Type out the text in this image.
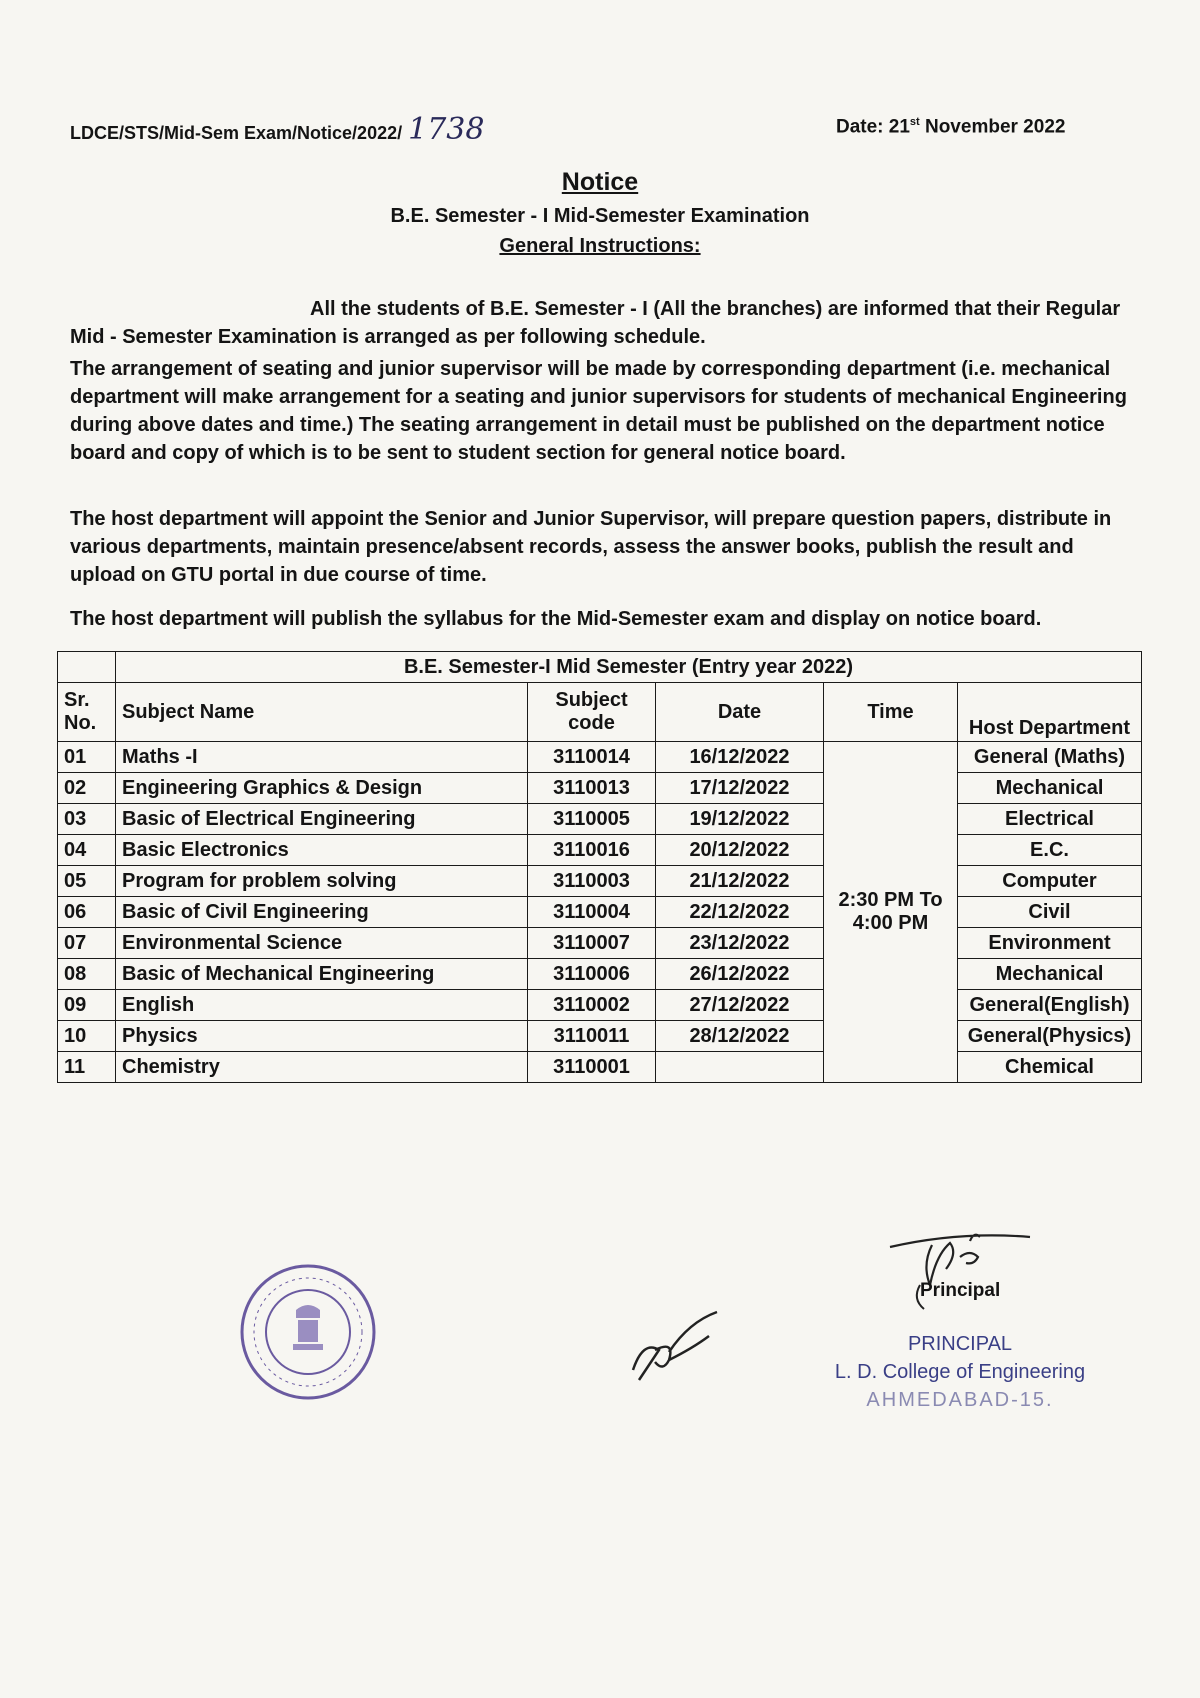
LDCE/STS/Mid-Sem Exam/Notice/2022/ 1738	Date: 21st November 2022
Notice
B.E. Semester - I Mid-Semester Examination
General Instructions:
All the students of B.E. Semester - I (All the branches) are informed that their Regular Mid - Semester Examination is arranged as per following schedule.
The arrangement of seating and junior supervisor will be made by corresponding department (i.e. mechanical department will make arrangement for a seating and junior supervisors for students of mechanical Engineering during above dates and time.) The seating arrangement in detail must be published on the department notice board and copy of which is to be sent to student section for general notice board.
The host department will appoint the Senior and Junior Supervisor, will prepare question papers, distribute in various departments, maintain presence/absent records, assess the answer books, publish the result and upload on GTU portal in due course of time.
The host department will publish the syllabus for the Mid-Semester exam and display on notice board.
	B.E. Semester-I Mid Semester (Entry year 2022)				
Sr. No.	Subject Name	Subject code	Date	Time	Host Department
01	Maths -I	3110014	16/12/2022	2:30 PM To 4:00 PM	General (Maths)
02	Engineering Graphics & Design	3110013	17/12/2022		Mechanical
03	Basic of Electrical Engineering	3110005	19/12/2022		Electrical
04	Basic Electronics	3110016	20/12/2022		E.C.
05	Program for problem solving	3110003	21/12/2022		Computer
06	Basic of Civil Engineering	3110004	22/12/2022		Civil
07	Environmental Science	3110007	23/12/2022		Environment
08	Basic of Mechanical Engineering	3110006	26/12/2022		Mechanical
09	English	3110002	27/12/2022		General(English)
10	Physics	3110011	28/12/2022		General(Physics)
11	Chemistry	3110001			Chemical
Principal
PRINCIPAL
L. D. College of Engineering
AHMEDABAD-15.
